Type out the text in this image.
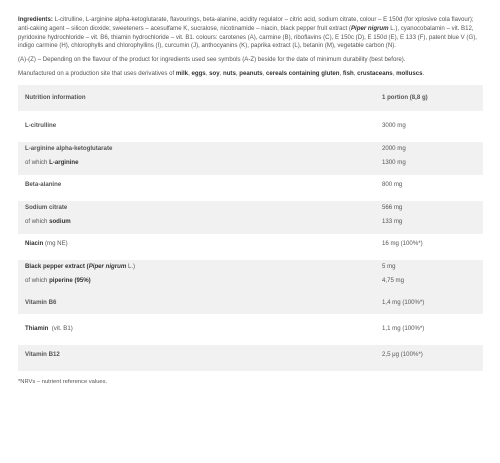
Ingredients: L-citrulline, L-arginine alpha-ketoglutarate, flavourings, beta-alanine, acidity regulator – citric acid, sodium citrate, colour – E 150d (for xplosive cola flavour); anti-caking agent – silicon dioxide; sweeteners – acesulfame K, sucralose, nicotinamide – niacin, black pepper fruit extract (Piper nigrum L.), cyanocobalamin – vit. B12, pyridoxine hydrochloride – vit. B6, thiamin hydrochloride – vit. B1. colours: carotenes (A), carmine (B), riboflavins (C), E 150c (D), E 150d (E), E 133 (F), patent blue V (G), indigo carmine (H), chlorophylls and chlorophyllins (I), curcumin (J), anthocyanins (K), paprika extract (L), betanin (M), vegetable carbon (N).

(A)-(Z) – Depending on the flavour of the product for ingredients used see symbols (A-Z) beside for the date of minimum durability (best before).

Manufactured on a production site that uses derivatives of milk, eggs, soy, nuts, peanuts, cereals containing gluten, fish, crustaceans, molluscs.

Nutrition information	1 portion (8,8 g)

L-citrulline	3000 mg

L-arginine alpha-ketoglutarate	2000 mg
of which L-arginine	1300 mg

Beta-alanine	800 mg

Sodium citrate	566 mg
of which sodium	133 mg

Niacin (mg NE)	16 mg (100%*)

Black pepper extract (Piper nigrum L.)	5 mg
of which piperine (95%)	4,75 mg

Vitamin B6	1,4 mg (100%*)

Thiamin  (vit. B1)	1,1 mg (100%*)

Vitamin B12	2,5 μg (100%*)

*NRVs – nutrient reference values.
